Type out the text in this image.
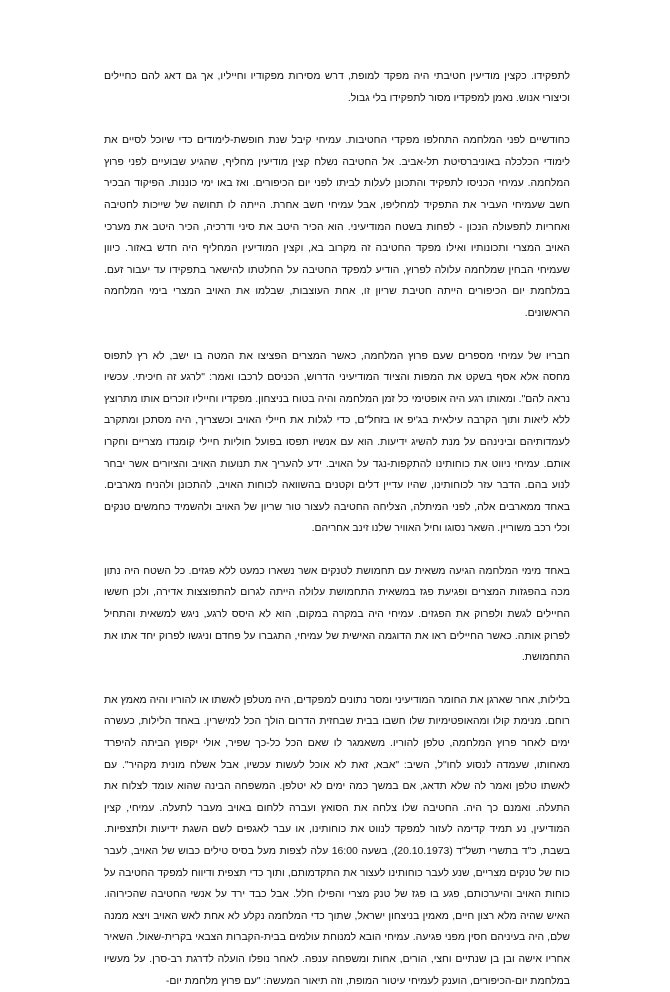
לתפקידו. כקצין מודיעין חטיבתי היה מפקד למופת, דרש מסירות מפקודיו וחייליו, אך גם דאג להם כחיילים וכיצורי אנוש. נאמן למפקדיו מסור לתפקידו בלי גבול.

כחודשיים לפני המלחמה התחלפו מפקדי החטיבות. עמיחי קיבל שנת חופשת-לימודים כדי שיוכל לסיים את לימודי הכלכלה באוניברסיטת תל-אביב. אל החטיבה נשלח קצין מודיעין מחליף, שהגיע שבועיים לפני פרוץ המלחמה. עמיחי הכניסו לתפקיד והתכונן לעלות לביתו לפני יום הכיפורים. ואז באו ימי כוננות. הפיקוד הבכיר חשב שעמיחי העביר את התפקיד למחליפו, אבל עמיחי חשב אחרת. הייתה לו תחושה של שייכות לחטיבה ואחריות לתפעולה הנכון - לפחות בשטח המודיעיני. הוא הכיר היטב את סיני ודרכיה, הכיר היטב את מערכי האויב המצרי ותכונותיו ואילו מפקד החטיבה זה מקרוב בא, וקצין המודיעין המחליף היה חדש באזור. כיוון שעמיחי הבחין שמלחמה עלולה לפרוץ, הודיע למפקד החטיבה על החלטתו להישאר בתפקידו עד יעבור זעם. במלחמת יום הכיפורים הייתה חטיבת שריון זו, אחת העוצבות, שבלמו את האויב המצרי בימי המלחמה הראשונים.

חבריו של עמיחי מספרים שעם פרוץ המלחמה, כאשר המצרים הפציצו את המטה בו ישב, לא רץ לתפוס מחסה אלא אסף בשקט את המפות והציוד המודיעיני הדרוש, הכניסם לרכבו ואמר: "לרגע זה חיכיתי. עכשיו נראה להם". ומאותו רגע היה אופטימי כל זמן המלחמה והיה בטוח בניצחון. מפקדיו וחייליו זוכרים אותו מתרוצץ ללא ליאות ותוך הקרבה עילאית בג'יפ או בזחל"ם, כדי לגלות את חיילי האויב וכשצריך, היה מסתכן ומתקרב לעמדותיהם ובינינהם על מנת להשיג ידיעות. הוא עם אנשיו תפסו בפועל חוליות חיילי קומנדו מצריים וחקרו אותם. עמיחי ניווט את כוחותינו להתקפות-נגד על האויב. ידע להעריך את תנועות האויב והציורים אשר יבחר לנוע בהם. הדבר עזר לכוחותינו, שהיו עדיין דלים וקטנים בהשוואה לכוחות האויב, להתכונן ולהניח מארבים. באחד ממארבים אלה, לפני המיתלה, הצליחה החטיבה לעצור טור שריון של האויב ולהשמיד כחמשים טנקים וכלי רכב משוריין. השאר נסוגו וחיל האוויר שלנו זינב אחריהם.

באחד מימי המלחמה הגיעה משאית עם תחמושת לטנקים אשר נשארו כמעט ללא פגזים. כל השטח היה נתון מכה בהפגזות המצרים ופגיעת פגז במשאית התחמושת עלולה הייתה לגרום להתפוצצות אדירה, ולכן חששו החיילים לגשת ולפרוק את הפגזים. עמיחי היה במקרה במקום, הוא לא היסס לרגע, ניגש למשאית והתחיל לפרוק אותה. כאשר החיילים ראו את הדוגמה האישית של עמיחי, התגברו על פחדם וניגשו לפרוק יחד אתו את התחמושת.

בלילות, אחר שארגן את החומר המודיעיני ומסר נתונים למפקדים, היה מטלפן לאשתו או להוריו והיה מאמץ את רוחם. מנימת קולו ומהאופטימיות שלו חשבו בבית שבחזית הדרום הולך הכל למישרין. באחד הלילות, כעשרה ימים לאחר פרוץ המלחמה, טלפן להוריו. משאמגר לו שאם הכל כל-כך שפיר, אולי יקפוץ הביתה להיפרד מאחותו, שעמדה לנסוע לחו"ל, השיב: "אבא, זאת לא אוכל לעשות עכשיו, אבל אשלח מונית מקהיר". עם לאשתו טלפן ואמר לה שלא תדאג, אם במשך כמה ימים לא יטלפן. המשפחה הבינה שהוא עומד לצלוח את התעלה. ואמנם כך היה. החטיבה שלו צלחה את הסואץ ועברה ללחום באויב מעבר לתעלה. עמיחי, קצין המודיעין, נע תמיד קדימה לעזור למפקד לנווט את כוחותינו, או עבר לאגפים לשם השגת ידיעות ולתצפיות. בשבת, כ"ד בתשרי תשל"ד (20.10.1973), בשעה 16:00 עלה לצפות מעל בסיס טילים כבוש של האויב, לעבר כוח של טנקים מצריים, שנע לעבר כוחותינו לעצור את התקדמותם, ותוך כדי תצפית ודיווח למפקד החטיבה על כוחות האויב והיערכותם, פגע בו פגז של טנק מצרי והפילו חלל. אבל כבד ירד על אנשי החטיבה שהכירוהו. האיש שהיה מלא רצון חיים, מאמין בניצחון ישראל, שתוך כדי המלחמה נקלע לא אחת לאש האויב ויצא ממנה שלם, היה בעיניהם חסין מפני פגיעה. עמיחי הובא למנוחת עולמים בבית-הקברות הצבאי בקרית-שאול. השאיר אחריו אישה ובן בן שנתיים וחצי, הורים, אחות ומשפחה ענפה. לאחר נופלו הועלה לדרגת רב-סרן. על מעשיו במלחמת יום-הכיפורים, הוענק לעמיחי עיטור המופת, וזה תיאור המעשה: "עם פרוץ מלחמת יום-
